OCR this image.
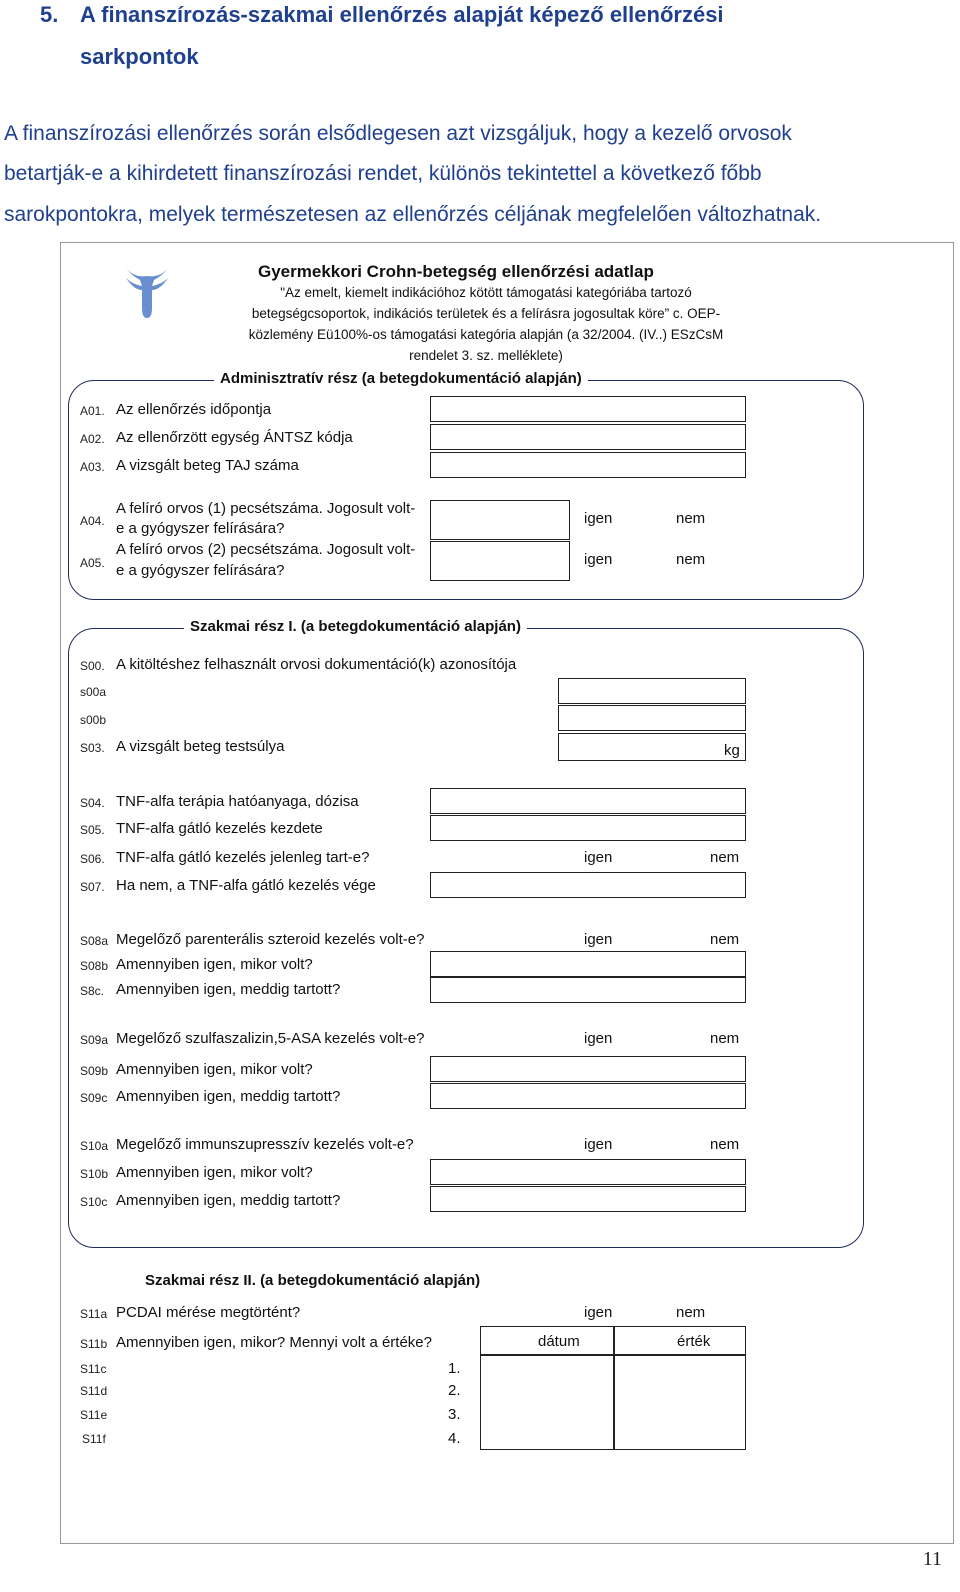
5. A finanszírozás-szakmai ellenőrzés alapját képező ellenőrzési
sarkpontok
A finanszírozási ellenőrzés során elsődlegesen azt vizsgáljuk, hogy a kezelő orvosok
betartják-e a kihirdetett finanszírozási rendet, különös tekintettel a következő főbb
sarokpontokra, melyek természetesen az ellenőrzés céljának megfelelően változhatnak.
Gyermekkori Crohn-betegség ellenőrzési adatlap
"Az emelt, kiemelt indikációhoz kötött támogatási kategóriába tartozó
betegségcsoportok, indikációs területek és a felírásra jogosultak köre” c. OEP-
közlemény Eü100%-os támogatási kategória alapján (a 32/2004. (IV..) ESzCsM
rendelet 3. sz. melléklete)
Adminisztratív rész (a betegdokumentáció alapján)
A01. Az ellenőrzés időpontja
A02. Az ellenőrzött egység ÁNTSZ kódja
A03. A vizsgált beteg TAJ száma
A04.
A felíró orvos (1) pecsétszáma. Jogosult volt-
e a gyógyszer felírására?
igen	nem
A05.
A felíró orvos (2) pecsétszáma. Jogosult volt-
e a gyógyszer felírására?
igen	nem
Szakmai rész I. (a betegdokumentáció alapján)
S00. A kitöltéshez felhasznált orvosi dokumentáció(k) azonosítója
s00a
s00b
S03. A vizsgált beteg testsúlya	kg
S04. TNF-alfa terápia hatóanyaga, dózisa
S05. TNF-alfa gátló kezelés kezdete
S06. TNF-alfa gátló kezelés jelenleg tart-e?	igen	nem
S07. Ha nem, a TNF-alfa gátló kezelés vége
S08a Megelőző parenterális szteroid kezelés volt-e?	igen	nem
S08b Amennyiben igen, mikor volt?
S8c. Amennyiben igen, meddig tartott?
S09a Megelőző szulfaszalizin,5-ASA kezelés volt-e?	igen	nem
S09b Amennyiben igen, mikor volt?
S09c Amennyiben igen, meddig tartott?
S10a Megelőző immunszupresszív kezelés volt-e?	igen	nem
S10b Amennyiben igen, mikor volt?
S10c Amennyiben igen, meddig tartott?
Szakmai rész II. (a betegdokumentáció alapján)
S11a PCDAI mérése megtörtént?	igen	nem
S11b Amennyiben igen, mikor? Mennyi volt a értéke?	dátum	érték
S11c	1.
S11d	2.
S11e	3.
S11f	4.
11
